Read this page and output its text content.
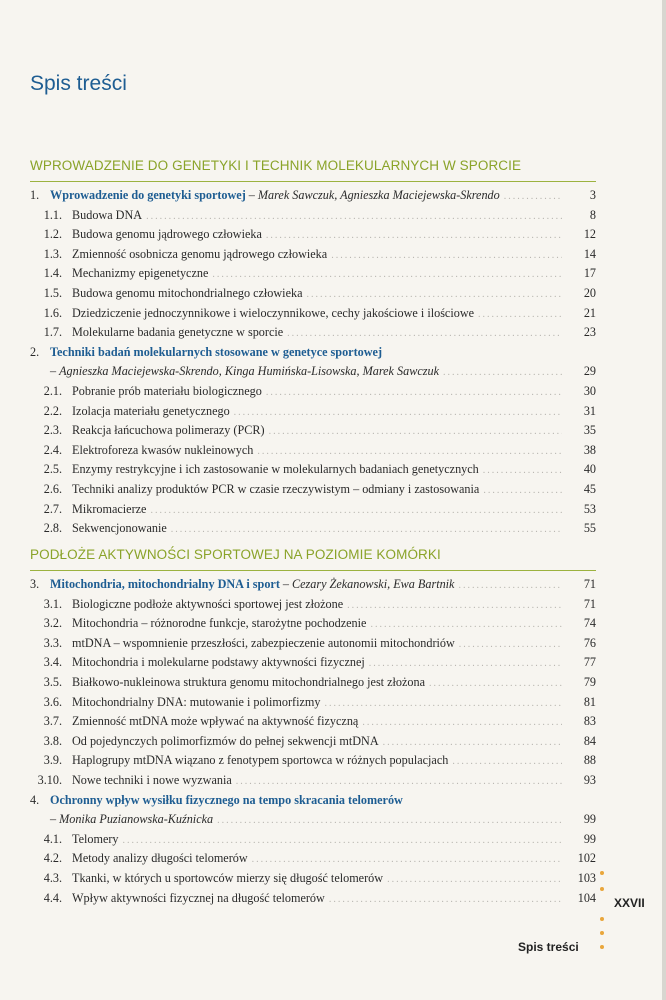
Spis treści
WPROWADZENIE DO GENETYKI I TECHNIK MOLEKULARNYCH W SPORCIE
1. Wprowadzenie do genetyki sportowej – Marek Sawczuk, Agnieszka Maciejewska-Skrendo .....	3
1.1. Budowa DNA .....	8
1.2. Budowa genomu jądrowego człowieka .....	12
1.3. Zmienność osobnicza genomu jądrowego człowieka .....	14
1.4. Mechanizmy epigenetyczne .....	17
1.5. Budowa genomu mitochondrialnego człowieka .....	20
1.6. Dziedziczenie jednoczynnikowe i wieloczynnikowe, cechy jakościowe i ilościowe .....	21
1.7. Molekularne badania genetyczne w sporcie .....	23
2. Techniki badań molekularnych stosowane w genetyce sportowej
– Agnieszka Maciejewska-Skrendo, Kinga Humińska-Lisowska, Marek Sawczuk .....	29
2.1. Pobranie prób materiału biologicznego .....	30
2.2. Izolacja materiału genetycznego .....	31
2.3. Reakcja łańcuchowa polimerazy (PCR) .....	35
2.4. Elektroforeza kwasów nukleinowych .....	38
2.5. Enzymy restrykcyjne i ich zastosowanie w molekularnych badaniach genetycznych .....	40
2.6. Techniki analizy produktów PCR w czasie rzeczywistym – odmiany i zastosowania .....	45
2.7. Mikromacierze .....	53
2.8. Sekwencjonowanie .....	55
PODŁOŻE AKTYWNOŚCI SPORTOWEJ NA POZIOMIE KOMÓRKI
3. Mitochondria, mitochondrialny DNA i sport – Cezary Żekanowski, Ewa Bartnik .....	71
3.1. Biologiczne podłoże aktywności sportowej jest złożone .....	71
3.2. Mitochondria – różnorodne funkcje, starożytne pochodzenie .....	74
3.3. mtDNA – wspomnienie przeszłości, zabezpieczenie autonomii mitochondriów .....	76
3.4. Mitochondria i molekularne podstawy aktywności fizycznej .....	77
3.5. Białkowo-nukleinowa struktura genomu mitochondrialnego jest złożona .....	79
3.6. Mitochondrialny DNA: mutowanie i polimorfizmy .....	81
3.7. Zmienność mtDNA może wpływać na aktywność fizyczną .....	83
3.8. Od pojedynczych polimorfizmów do pełnej sekwencji mtDNA .....	84
3.9. Haplogrupy mtDNA wiązano z fenotypem sportowca w różnych populacjach .....	88
3.10. Nowe techniki i nowe wyzwania .....	93
4. Ochronny wpływ wysiłku fizycznego na tempo skracania telomerów
– Monika Puzianowska-Kuźnicka .....	99
4.1. Telomery .....	99
4.2. Metody analizy długości telomerów .....	102
4.3. Tkanki, w których u sportowców mierzy się długość telomerów .....	103
4.4. Wpływ aktywności fizycznej na długość telomerów .....	104 XXVII
Spis treści
